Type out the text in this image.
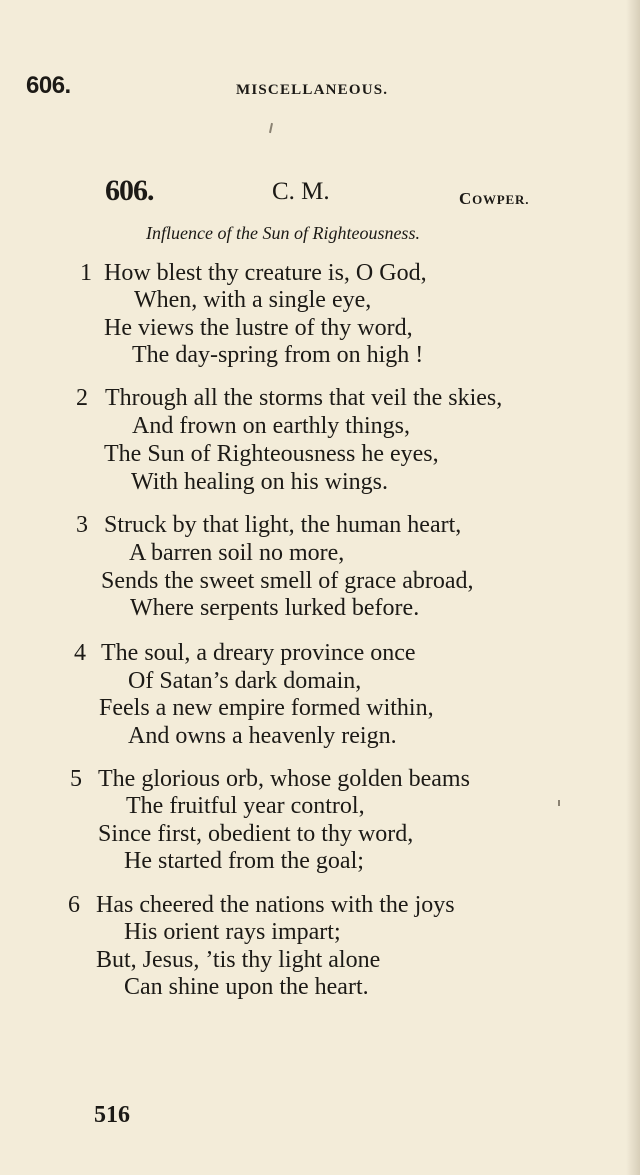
606.	MISCELLANEOUS.
606.	C. M.	COWPER.
Influence of the Sun of Righteousness.
1 How blest thy creature is, O God,
When, with a single eye,
He views the lustre of thy word,
The day-spring from on high !
2 Through all the storms that veil the skies,
And frown on earthly things,
The Sun of Righteousness he eyes,
With healing on his wings.
3 Struck by that light, the human heart,
A barren soil no more,
Sends the sweet smell of grace abroad,
Where serpents lurked before.
4 The soul, a dreary province once
Of Satan’s dark domain,
Feels a new empire formed within,
And owns a heavenly reign.
5 The glorious orb, whose golden beams
The fruitful year control,
Since first, obedient to thy word,
He started from the goal;
6 Has cheered the nations with the joys
His orient rays impart;
But, Jesus, ’tis thy light alone
Can shine upon the heart.
516
